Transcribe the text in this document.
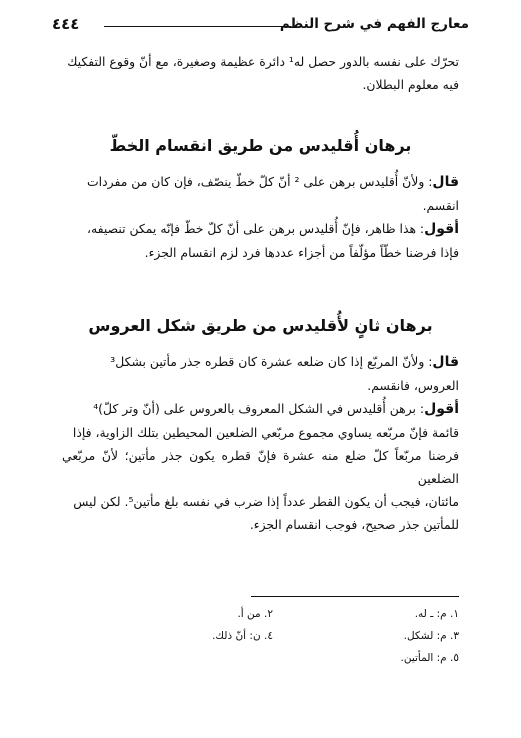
معارج الفهم في شرح النظم
٤٤٤
تحرّك على نفسه بالدور حصل له¹ دائرة عظيمة وصغيرة، مع أنّ وقوع التفكيك
فيه معلوم البطلان.
برهان أُقليدس من طريق انقسام الخطّ
قال: ولأنّ أُقليدس برهن على ² أنّ كلّ خطّ ينصّف، فإن كان من مفردات
انقسم.
أقول: هذا ظاهر، فإنّ أُقليدس برهن على أنّ كلّ خطّ فإنّه يمكن تنصيفه،
فإذا فرضنا خطّاً مؤلّفاً من أجزاء عددها فرد لزم انقسام الجزء.
برهان ثانٍ لأُقليدس من طريق شكل العروس
قال: ولأنّ المربّع إذا كان ضلعه عشرة كان قطره جذر مأتين بشكل³
العروس، فانقسم.
أقول: برهن أُقليدس في الشكل المعروف بالعروس على (أنّ وتر كلّ)⁴
قائمة فإنّ مربّعه يساوي مجموع مربّعي الضلعين المحيطين بتلك الزاوية، فإذا
فرضنا مربّعاً كلّ ضلع منه عشرة فإنّ قطره يكون جذر مأتين؛ لأنّ مربّعي الضلعين
مائتان، فيجب أن يكون القطر عدداً إذا ضرب في نفسه بلغ مأتين⁵. لكن ليس
للمأتين جذر صحيح، فوجب انقسام الجزء.
١. م: ـ له.
٢. من أ.
٣. م: لشكل.
٤. ن: أنّ ذلك.
٥. م: المأتين.
